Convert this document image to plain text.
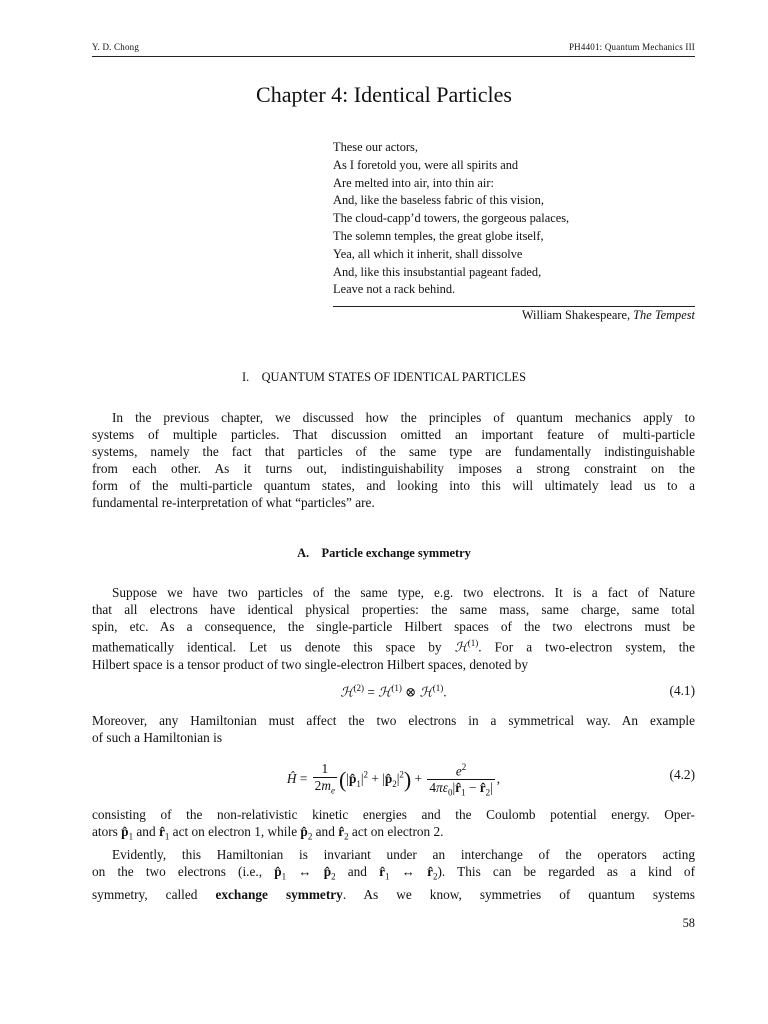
Y. D. Chong	PH4401: Quantum Mechanics III
Chapter 4: Identical Particles
These our actors,
As I foretold you, were all spirits and
Are melted into air, into thin air:
And, like the baseless fabric of this vision,
The cloud-capp’d towers, the gorgeous palaces,
The solemn temples, the great globe itself,
Yea, all which it inherit, shall dissolve
And, like this insubstantial pageant faded,
Leave not a rack behind.
William Shakespeare, The Tempest
I. QUANTUM STATES OF IDENTICAL PARTICLES
In the previous chapter, we discussed how the principles of quantum mechanics apply to
systems of multiple particles. That discussion omitted an important feature of multi-particle
systems, namely the fact that particles of the same type are fundamentally indistinguishable
from each other. As it turns out, indistinguishability imposes a strong constraint on the
form of the multi-particle quantum states, and looking into this will ultimately lead us to a
fundamental re-interpretation of what “particles” are.
A. Particle exchange symmetry
Suppose we have two particles of the same type, e.g. two electrons. It is a fact of Nature
that all electrons have identical physical properties: the same mass, same charge, same total
spin, etc. As a consequence, the single-particle Hilbert spaces of the two electrons must be
mathematically identical. Let us denote this space by ℋ$^{(1)}$. For a two-electron system, the
Hilbert space is a tensor product of two single-electron Hilbert spaces, denoted by
ℋ$^{(2)}$ = ℋ$^{(1)}$ ⊗ ℋ$^{(1)}$.	(4.1)
Moreover, any Hamiltonian must affect the two electrons in a symmetrical way. An example
of such a Hamiltonian is
Ĥ = $\frac{1}{2m_e}$ ($|p̂_1|^2$ + $|p̂_2|^2) + \frac{e^2}{4\pi\varepsilon_0|r̂_1 - r̂_2|}$ ,	(4.2)
consisting of the non-relativistic kinetic energies and the Coulomb potential energy. Oper-
ators $p̂_1$ and $r̂_1$ act on electron 1, while $p̂_2$ and $r̂_2$ act on electron 2.
Evidently, this Hamiltonian is invariant under an interchange of the operators acting
on the two electrons (i.e., $p̂_1$ ↔ $p̂_2$ and $r̂_1$ ↔ $r̂_2$). This can be regarded as a kind of
symmetry, called exchange symmetry. As we know, symmetries of quantum systems
58
